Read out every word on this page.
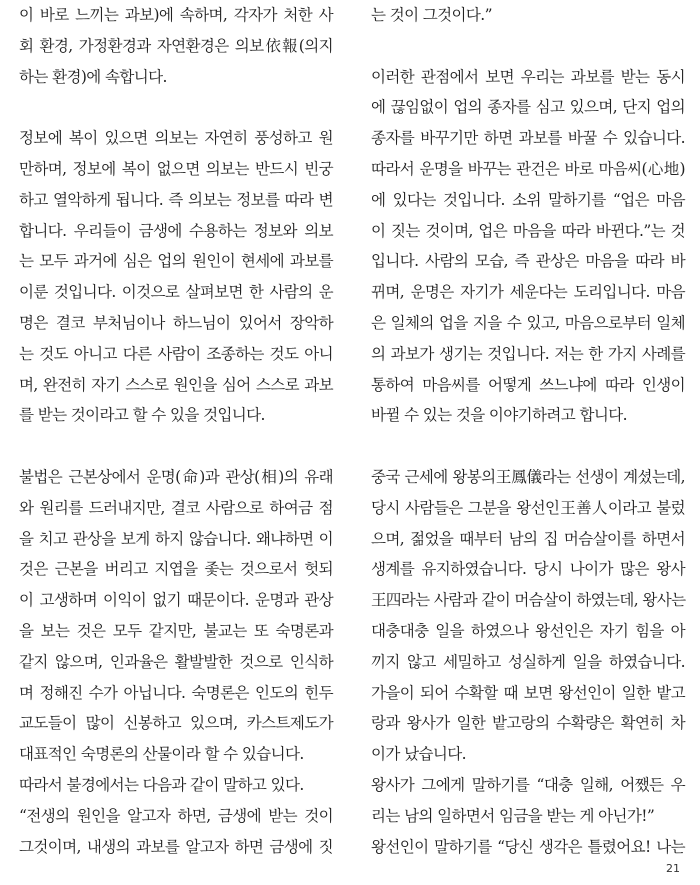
이 바로 느끼는 과보)에 속하며, 각자가 처한 사
회 환경, 가정환경과 자연환경은 의보依報(의지
하는 환경)에 속합니다.
정보에 복이 있으면 의보는 자연히 풍성하고 원
만하며, 정보에 복이 없으면 의보는 반드시 빈궁
하고 열악하게 됩니다. 즉 의보는 정보를 따라 변
합니다. 우리들이 금생에 수용하는 정보와 의보
는 모두 과거에 심은 업의 원인이 현세에 과보를
이룬 것입니다. 이것으로 살펴보면 한 사람의 운
명은 결코 부처님이나 하느님이 있어서 장악하
는 것도 아니고 다른 사람이 조종하는 것도 아니
며, 완전히 자기 스스로 원인을 심어 스스로 과보
를 받는 것이라고 할 수 있을 것입니다.
불법은 근본상에서 운명(命)과 관상(相)의 유래
와 원리를 드러내지만, 결코 사람으로 하여금 점
을 치고 관상을 보게 하지 않습니다. 왜냐하면 이
것은 근본을 버리고 지엽을 좇는 것으로서 헛되
이 고생하며 이익이 없기 때문이다. 운명과 관상
을 보는 것은 모두 같지만, 불교는 또 숙명론과
같지 않으며, 인과율은 활발발한 것으로 인식하
며 정해진 수가 아닙니다. 숙명론은 인도의 힌두
교도들이 많이 신봉하고 있으며, 카스트제도가
대표적인 숙명론의 산물이라 할 수 있습니다.
따라서 불경에서는 다음과 같이 말하고 있다.
“전생의 원인을 알고자 하면, 금생에 받는 것이
그것이며, 내생의 과보를 알고자 하면 금생에 짓
는 것이 그것이다.”
이러한 관점에서 보면 우리는 과보를 받는 동시
에 끊임없이 업의 종자를 심고 있으며, 단지 업의
종자를 바꾸기만 하면 과보를 바꿀 수 있습니다.
따라서 운명을 바꾸는 관건은 바로 마음씨(心地)
에 있다는 것입니다. 소위 말하기를 “업은 마음
이 짓는 것이며, 업은 마음을 따라 바뀐다.”는 것
입니다. 사람의 모습, 즉 관상은 마음을 따라 바
뀌며, 운명은 자기가 세운다는 도리입니다. 마음
은 일체의 업을 지을 수 있고, 마음으로부터 일체
의 과보가 생기는 것입니다. 저는 한 가지 사례를
통하여 마음씨를 어떻게 쓰느냐에 따라 인생이
바뀔 수 있는 것을 이야기하려고 합니다.
중국 근세에 왕봉의王鳳儀라는 선생이 계셨는데,
당시 사람들은 그분을 왕선인王善人이라고 불렀
으며, 젊었을 때부터 남의 집 머슴살이를 하면서
생계를 유지하였습니다. 당시 나이가 많은 왕사
王四라는 사람과 같이 머슴살이 하였는데, 왕사는
대충대충 일을 하였으나 왕선인은 자기 힘을 아
끼지 않고 세밀하고 성실하게 일을 하였습니다.
가을이 되어 수확할 때 보면 왕선인이 일한 밭고
랑과 왕사가 일한 밭고랑의 수확량은 확연히 차
이가 났습니다.
왕사가 그에게 말하기를 “대충 일해, 어쨌든 우
리는 남의 일하면서 임금을 받는 게 아닌가!”
왕선인이 말하기를 “당신 생각은 틀렸어요! 나는
21
